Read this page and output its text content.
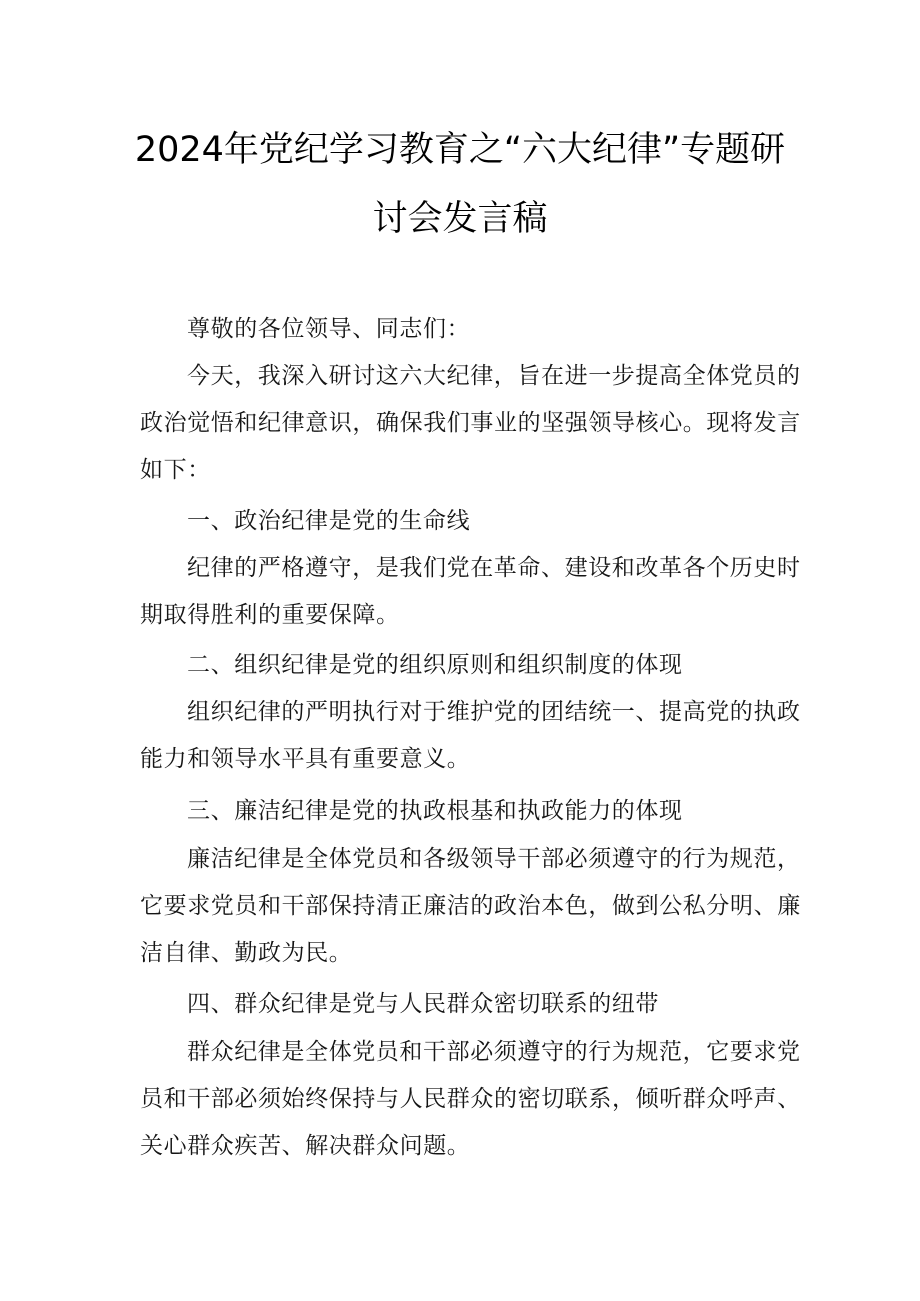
2024年党纪学习教育之“六大纪律”专题研
讨会发言稿
尊敬的各位领导、同志们：
今天，我深入研讨这六大纪律，旨在进一步提高全体党员的
政治觉悟和纪律意识，确保我们事业的坚强领导核心。现将发言
如下：
一、政治纪律是党的生命线
纪律的严格遵守，是我们党在革命、建设和改革各个历史时
期取得胜利的重要保障。
二、组织纪律是党的组织原则和组织制度的体现
组织纪律的严明执行对于维护党的团结统一、提高党的执政
能力和领导水平具有重要意义。
三、廉洁纪律是党的执政根基和执政能力的体现
廉洁纪律是全体党员和各级领导干部必须遵守的行为规范，
它要求党员和干部保持清正廉洁的政治本色，做到公私分明、廉
洁自律、勤政为民。
四、群众纪律是党与人民群众密切联系的纽带
群众纪律是全体党员和干部必须遵守的行为规范，它要求党
员和干部必须始终保持与人民群众的密切联系，倾听群众呼声、
关心群众疾苦、解决群众问题。
